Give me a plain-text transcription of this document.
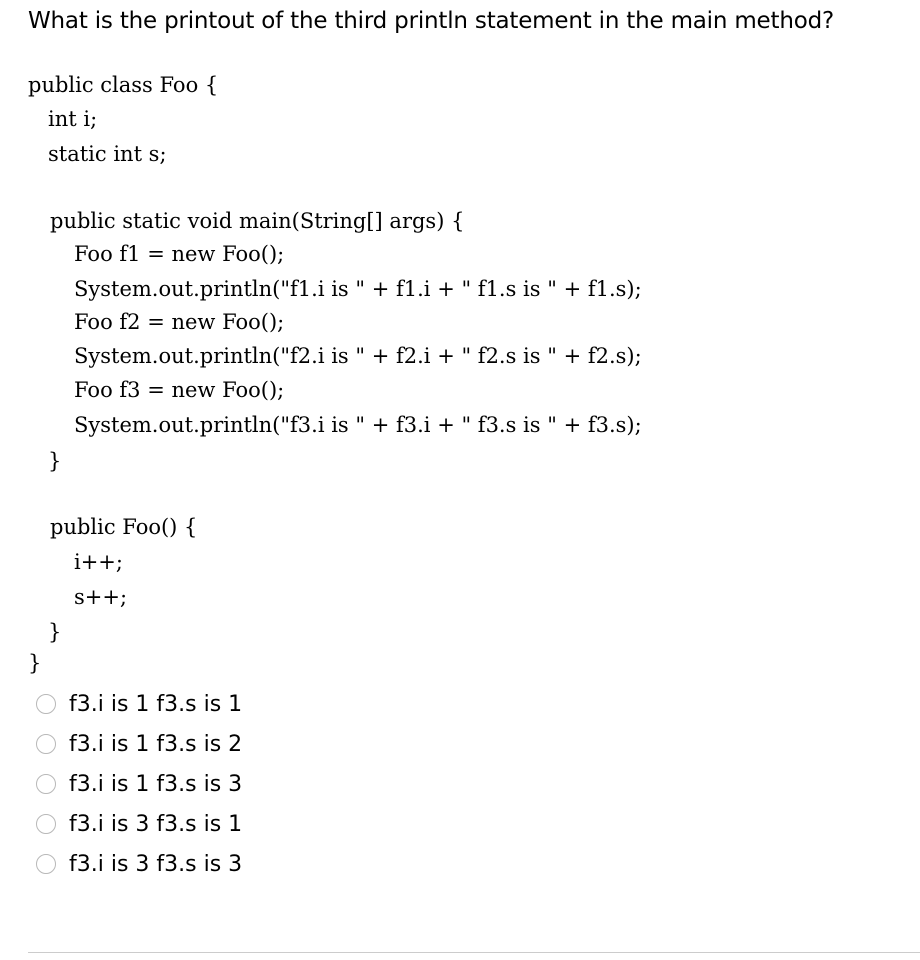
What is the printout of the third println statement in the main method?
public class Foo {
int i;
static int s;
public static void main(String[] args) {
Foo f1 = new Foo();
System.out.println("f1.i is " + f1.i + " f1.s is " + f1.s);
Foo f2 = new Foo();
System.out.println("f2.i is " + f2.i + " f2.s is " + f2.s);
Foo f3 = new Foo();
System.out.println("f3.i is " + f3.i + " f3.s is " + f3.s);
}
public Foo() {
i++;
s++;
}
}
f3.i is 1 f3.s is 1
f3.i is 1 f3.s is 2
f3.i is 1 f3.s is 3
f3.i is 3 f3.s is 1
f3.i is 3 f3.s is 3
